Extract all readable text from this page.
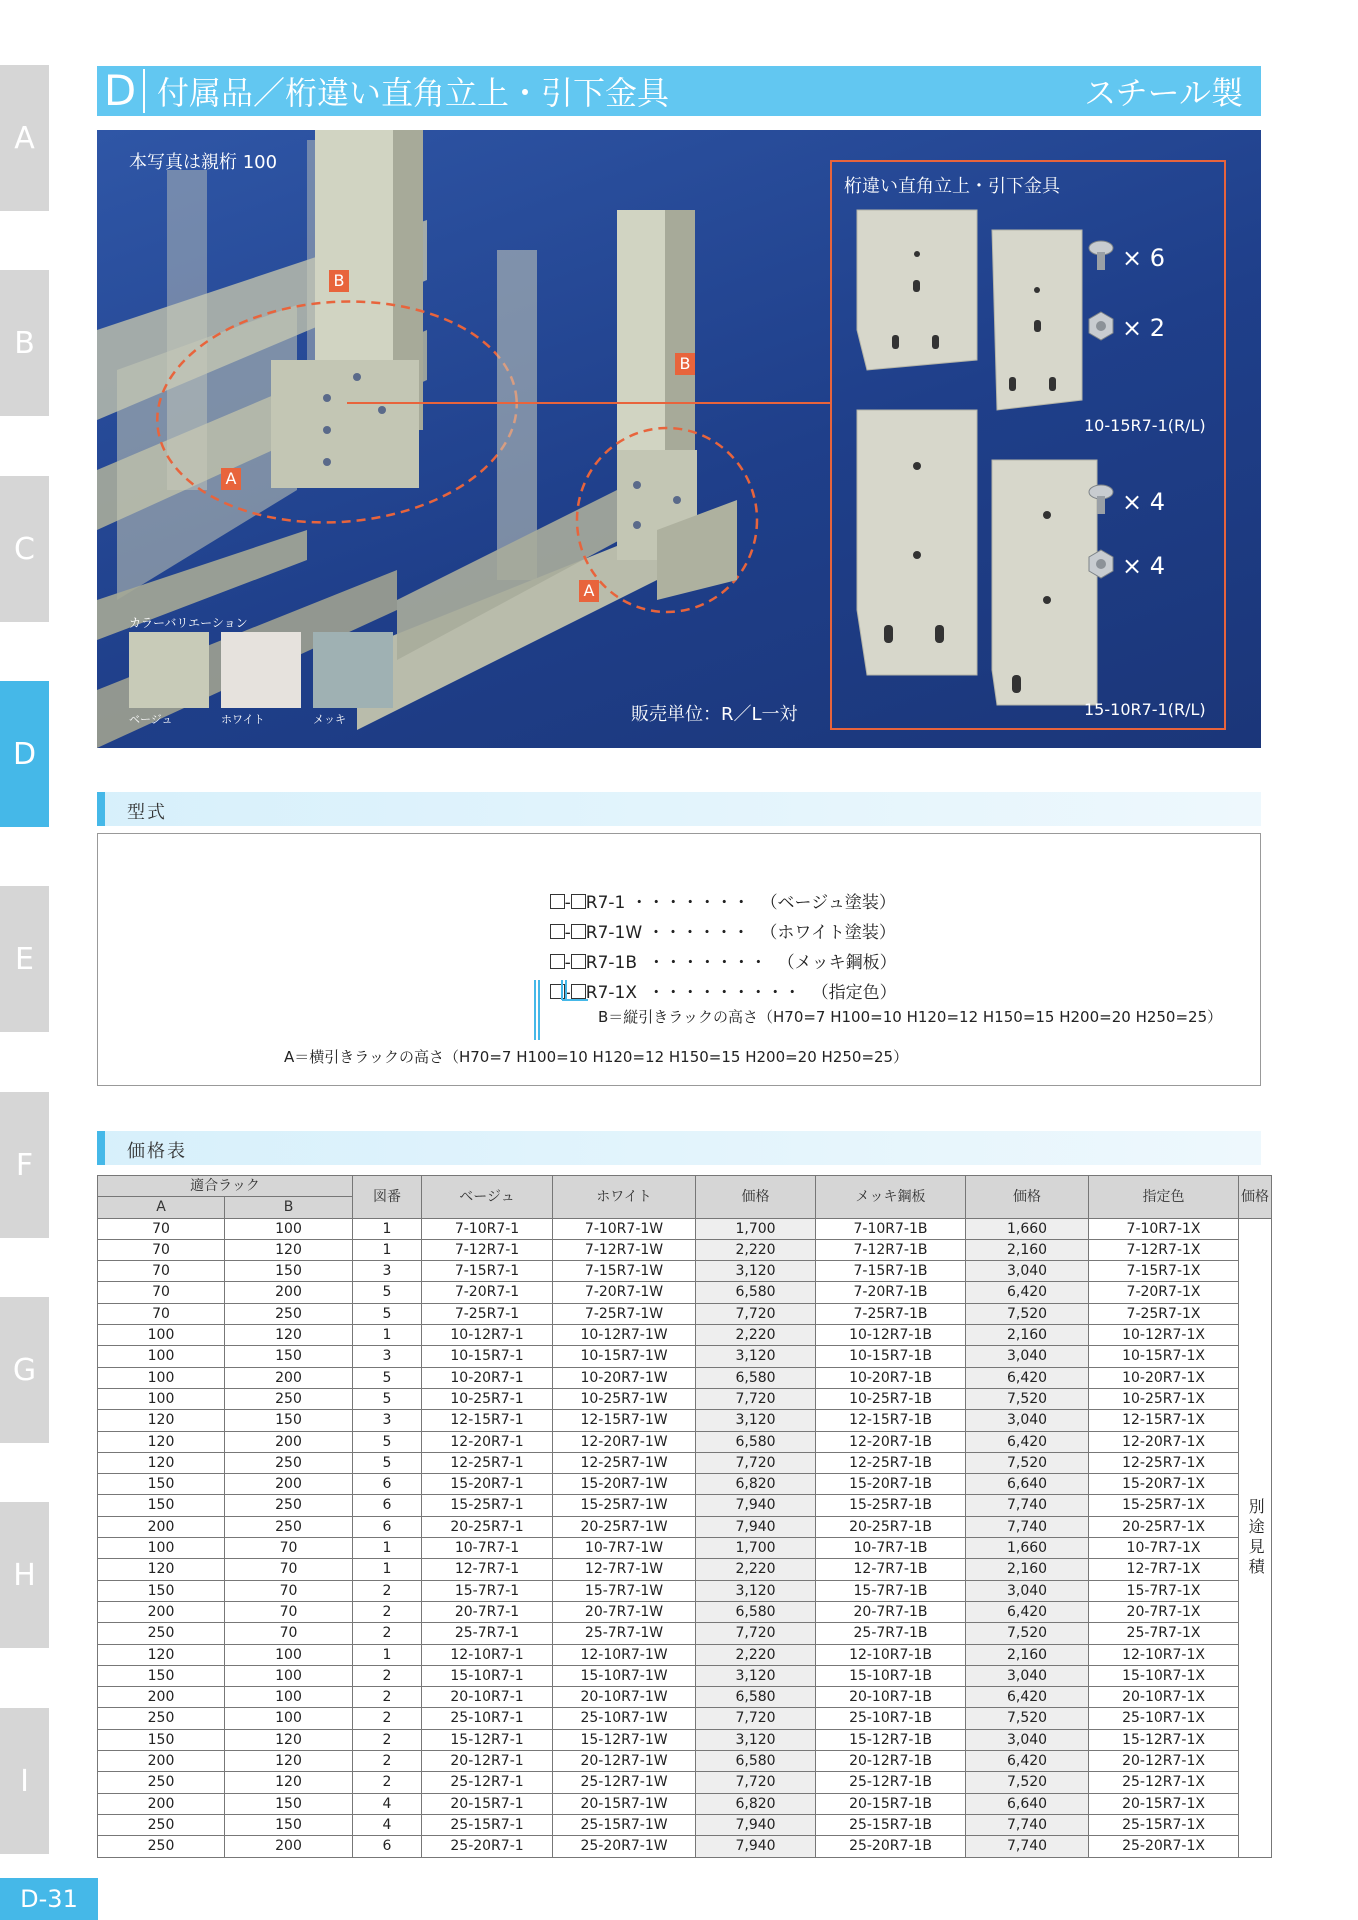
A
B
C
D
E
F
G
H
I
D-31
D 付属品／桁違い直角立上・引下金具	スチール製
本写真は親桁 100
B
A
B
A
桁違い直角立上・引下金具
× 6
× 2
10-15R7-1(R/L)
× 4
× 4
15-10R7-1(R/L)
販売単位：R／L一対
カラーバリエーション
ベージュ	ホワイト	メッキ
型式

- R7-1 ・・・・・・・ （ベージュ塗装）

- R7-1W ・・・・・・ （ホワイト塗装）

- R7-1B  ・・・・・・・ （メッキ鋼板）

- R7-1X  ・・・・・・・・・ （指定色）

B＝縦引きラックの高さ（H70=7 H100=10 H120=12 H150=15 H200=20 H250=25）
A＝横引きラックの高さ（H70=7 H100=10 H120=12 H150=15 H200=20 H250=25）
価格表
適合ラック		図番	ベージュ	ホワイト	価格	メッキ鋼板	価格	指定色	価格
A	B								
70	100	1	7-10R7-1	7-10R7-1W	1,700	7-10R7-1B	1,660	7-10R7-1X	別途見積
70	120	1	7-12R7-1	7-12R7-1W	2,220	7-12R7-1B	2,160	7-12R7-1X	
70	150	3	7-15R7-1	7-15R7-1W	3,120	7-15R7-1B	3,040	7-15R7-1X	
70	200	5	7-20R7-1	7-20R7-1W	6,580	7-20R7-1B	6,420	7-20R7-1X	
70	250	5	7-25R7-1	7-25R7-1W	7,720	7-25R7-1B	7,520	7-25R7-1X	
100	120	1	10-12R7-1	10-12R7-1W	2,220	10-12R7-1B	2,160	10-12R7-1X	
100	150	3	10-15R7-1	10-15R7-1W	3,120	10-15R7-1B	3,040	10-15R7-1X	
100	200	5	10-20R7-1	10-20R7-1W	6,580	10-20R7-1B	6,420	10-20R7-1X	
100	250	5	10-25R7-1	10-25R7-1W	7,720	10-25R7-1B	7,520	10-25R7-1X	
120	150	3	12-15R7-1	12-15R7-1W	3,120	12-15R7-1B	3,040	12-15R7-1X	
120	200	5	12-20R7-1	12-20R7-1W	6,580	12-20R7-1B	6,420	12-20R7-1X	
120	250	5	12-25R7-1	12-25R7-1W	7,720	12-25R7-1B	7,520	12-25R7-1X	
150	200	6	15-20R7-1	15-20R7-1W	6,820	15-20R7-1B	6,640	15-20R7-1X	
150	250	6	15-25R7-1	15-25R7-1W	7,940	15-25R7-1B	7,740	15-25R7-1X	
200	250	6	20-25R7-1	20-25R7-1W	7,940	20-25R7-1B	7,740	20-25R7-1X	
100	70	1	10-7R7-1	10-7R7-1W	1,700	10-7R7-1B	1,660	10-7R7-1X	
120	70	1	12-7R7-1	12-7R7-1W	2,220	12-7R7-1B	2,160	12-7R7-1X	
150	70	2	15-7R7-1	15-7R7-1W	3,120	15-7R7-1B	3,040	15-7R7-1X	
200	70	2	20-7R7-1	20-7R7-1W	6,580	20-7R7-1B	6,420	20-7R7-1X	
250	70	2	25-7R7-1	25-7R7-1W	7,720	25-7R7-1B	7,520	25-7R7-1X	
120	100	1	12-10R7-1	12-10R7-1W	2,220	12-10R7-1B	2,160	12-10R7-1X	
150	100	2	15-10R7-1	15-10R7-1W	3,120	15-10R7-1B	3,040	15-10R7-1X	
200	100	2	20-10R7-1	20-10R7-1W	6,580	20-10R7-1B	6,420	20-10R7-1X	
250	100	2	25-10R7-1	25-10R7-1W	7,720	25-10R7-1B	7,520	25-10R7-1X	
150	120	2	15-12R7-1	15-12R7-1W	3,120	15-12R7-1B	3,040	15-12R7-1X	
200	120	2	20-12R7-1	20-12R7-1W	6,580	20-12R7-1B	6,420	20-12R7-1X	
250	120	2	25-12R7-1	25-12R7-1W	7,720	25-12R7-1B	7,520	25-12R7-1X	
200	150	4	20-15R7-1	20-15R7-1W	6,820	20-15R7-1B	6,640	20-15R7-1X	
250	150	4	25-15R7-1	25-15R7-1W	7,940	25-15R7-1B	7,740	25-15R7-1X	
250	200	6	25-20R7-1	25-20R7-1W	7,940	25-20R7-1B	7,740	25-20R7-1X	
